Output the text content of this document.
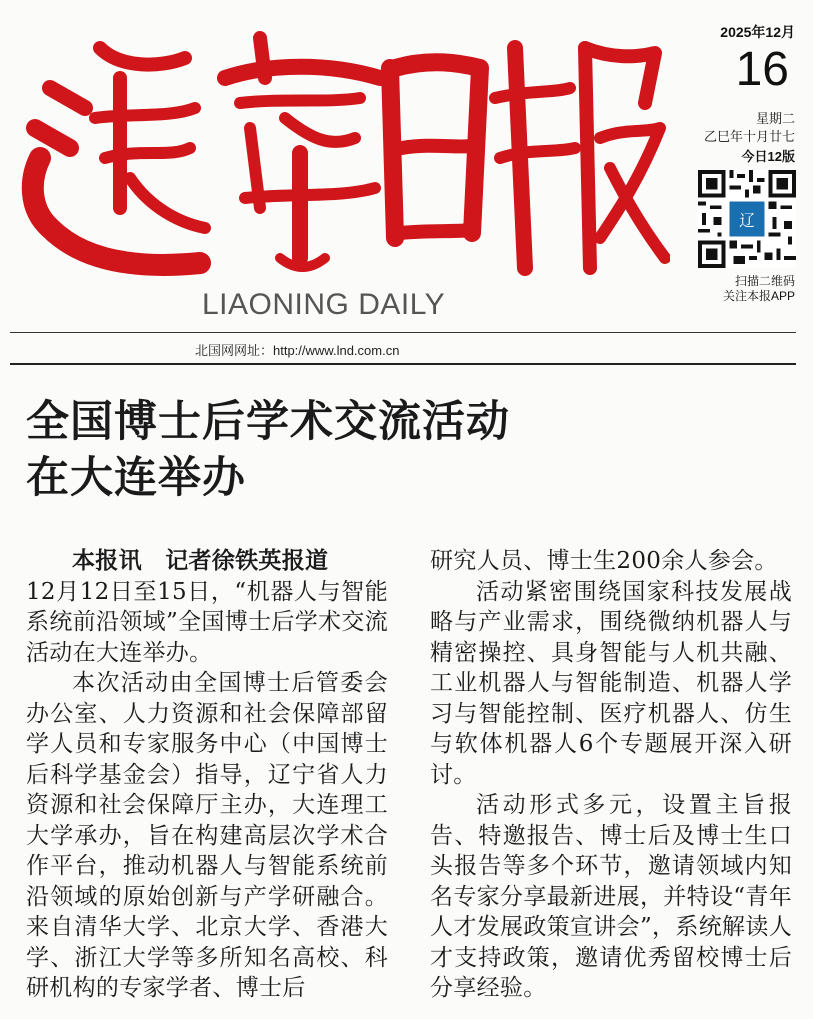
LIAONING DAILY
2025年12月
16
星期二
乙巳年十月廿七
今日12版
辽
扫描二维码
关注本报APP
北国网网址：http://www.lnd.com.cn
全国博士后学术交流活动
在大连举办

本报讯　记者徐铁英报道

12月12日至15日，“机器人与智能系统前沿领域”全国博士后学术交流活动在大连举办。

本次活动由全国博士后管委会办公室、人力资源和社会保障部留学人员和专家服务中心（中国博士后科学基金会）指导，辽宁省人力资源和社会保障厅主办，大连理工大学承办，旨在构建高层次学术合作平台，推动机器人与智能系统前沿领域的原始创新与产学研融合。来自清华大学、北京大学、香港大学、浙江大学等多所知名高校、科研机构的专家学者、博士后

研究人员、博士生200余人参会。

活动紧密围绕国家科技发展战略与产业需求，围绕微纳机器人与精密操控、具身智能与人机共融、工业机器人与智能制造、机器人学习与智能控制、医疗机器人、仿生与软体机器人6个专题展开深入研讨。

活动形式多元，设置主旨报告、特邀报告、博士后及博士生口头报告等多个环节，邀请领域内知名专家分享最新进展，并特设“青年人才发展政策宣讲会”，系统解读人才支持政策，邀请优秀留校博士后分享经验。
